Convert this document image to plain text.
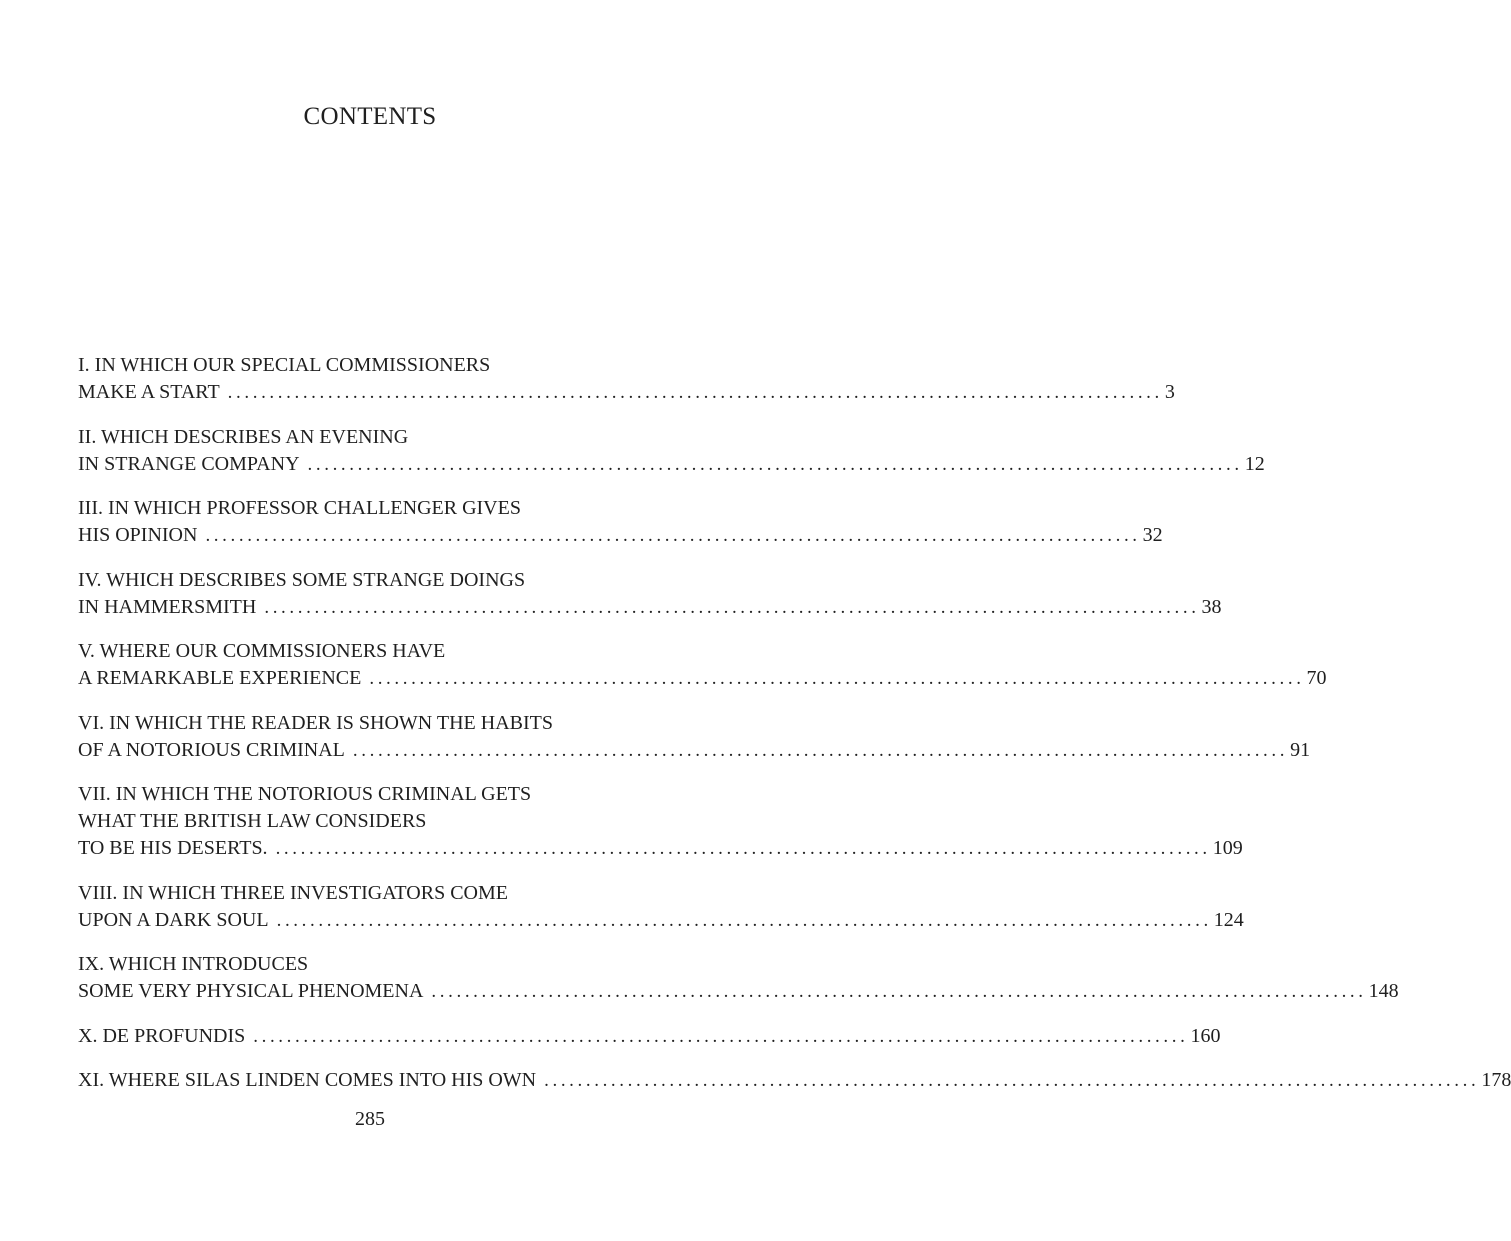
CONTENTS
I. IN WHICH OUR SPECIAL COMMISSIONERS
MAKE A START ................................................................................................................ 3
II. WHICH DESCRIBES AN EVENING
IN STRANGE COMPANY ................................................................................................................ 12
III. IN WHICH PROFESSOR CHALLENGER GIVES
HIS OPINION ................................................................................................................ 32
IV. WHICH DESCRIBES SOME STRANGE DOINGS
IN HAMMERSMITH ................................................................................................................ 38
V. WHERE OUR COMMISSIONERS HAVE
A REMARKABLE EXPERIENCE ................................................................................................................ 70
VI. IN WHICH THE READER IS SHOWN THE HABITS
OF A NOTORIOUS CRIMINAL ................................................................................................................ 91
VII. IN WHICH THE NOTORIOUS CRIMINAL GETS
WHAT THE BRITISH LAW CONSIDERS
TO BE HIS DESERTS. ................................................................................................................ 109
VIII. IN WHICH THREE INVESTIGATORS COME
UPON A DARK SOUL ................................................................................................................ 124
IX. WHICH INTRODUCES
SOME VERY PHYSICAL PHENOMENA ................................................................................................................ 148
X. DE PROFUNDIS ................................................................................................................ 160
XI. WHERE SILAS LINDEN COMES INTO HIS OWN ................................................................................................................ 178
285
